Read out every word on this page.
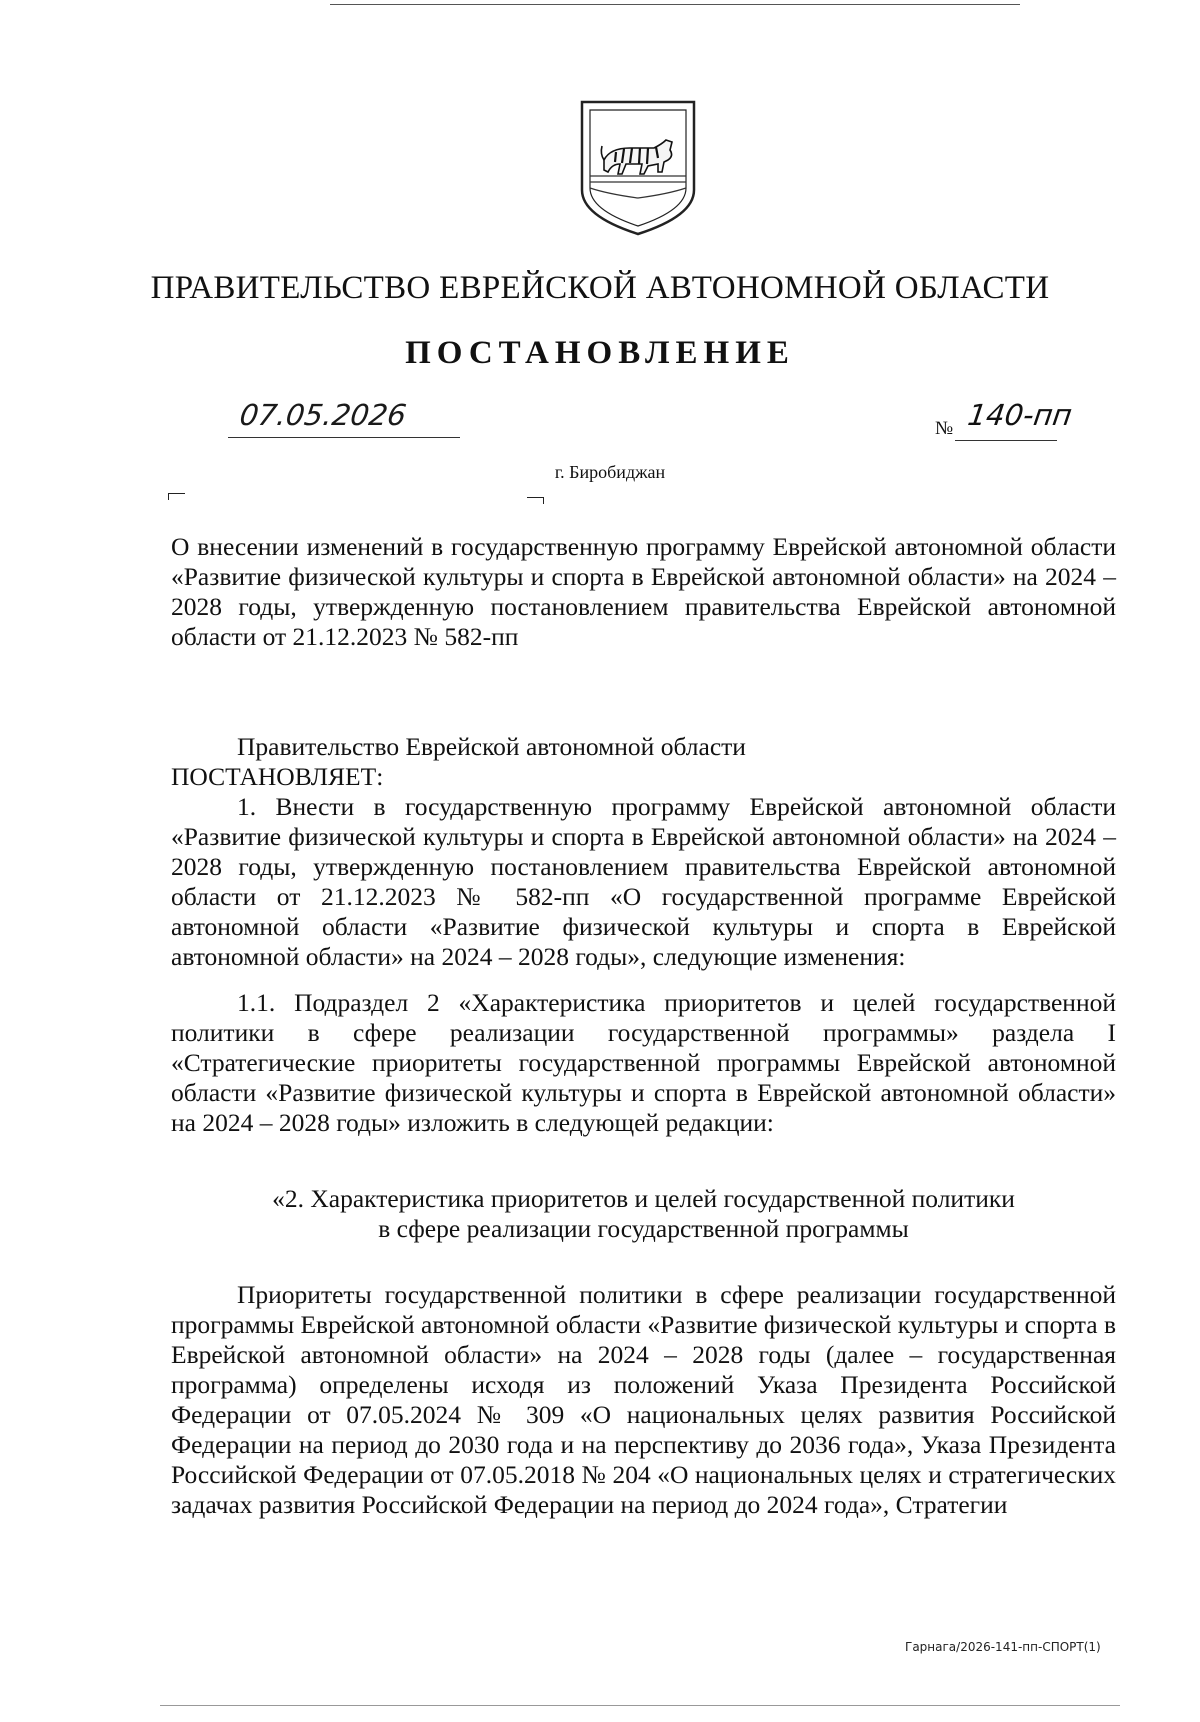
ПРАВИТЕЛЬСТВО ЕВРЕЙСКОЙ АВТОНОМНОЙ ОБЛАСТИ
ПОСТАНОВЛЕНИЕ
07.05.2026	№ 140-пп
г. Биробиджан
О внесении изменений в государственную программу Еврейской автономной области «Развитие физической культуры и спорта в Еврейской автономной области» на 2024 – 2028 годы, утвержденную постановлением правительства Еврейской автономной области от 21.12.2023 № 582-пп
Правительство Еврейской автономной области
ПОСТАНОВЛЯЕТ:
1. Внести в государственную программу Еврейской автономной области «Развитие физической культуры и спорта в Еврейской автономной области» на 2024 – 2028 годы, утвержденную постановлением правительства Еврейской автономной области от 21.12.2023 № 582-пп «О государственной программе Еврейской автономной области «Развитие физической культуры и спорта в Еврейской автономной области» на 2024 – 2028 годы», следующие изменения:
1.1. Подраздел 2 «Характеристика приоритетов и целей государственной политики в сфере реализации государственной программы» раздела I «Стратегические приоритеты государственной программы Еврейской автономной области «Развитие физической культуры и спорта в Еврейской автономной области» на 2024 – 2028 годы» изложить в следующей редакции:
«2. Характеристика приоритетов и целей государственной политики
в сфере реализации государственной программы
Приоритеты государственной политики в сфере реализации государственной программы Еврейской автономной области «Развитие физической культуры и спорта в Еврейской автономной области» на 2024 – 2028 годы (далее – государственная программа) определены исходя из положений Указа Президента Российской Федерации от 07.05.2024 № 309 «О национальных целях развития Российской Федерации на период до 2030 года и на перспективу до 2036 года», Указа Президента Российской Федерации от 07.05.2018 № 204 «О национальных целях и стратегических задачах развития Российской Федерации на период до 2024 года», Стратегии
Гарнага/2026-141-пп-СПОРТ(1)
